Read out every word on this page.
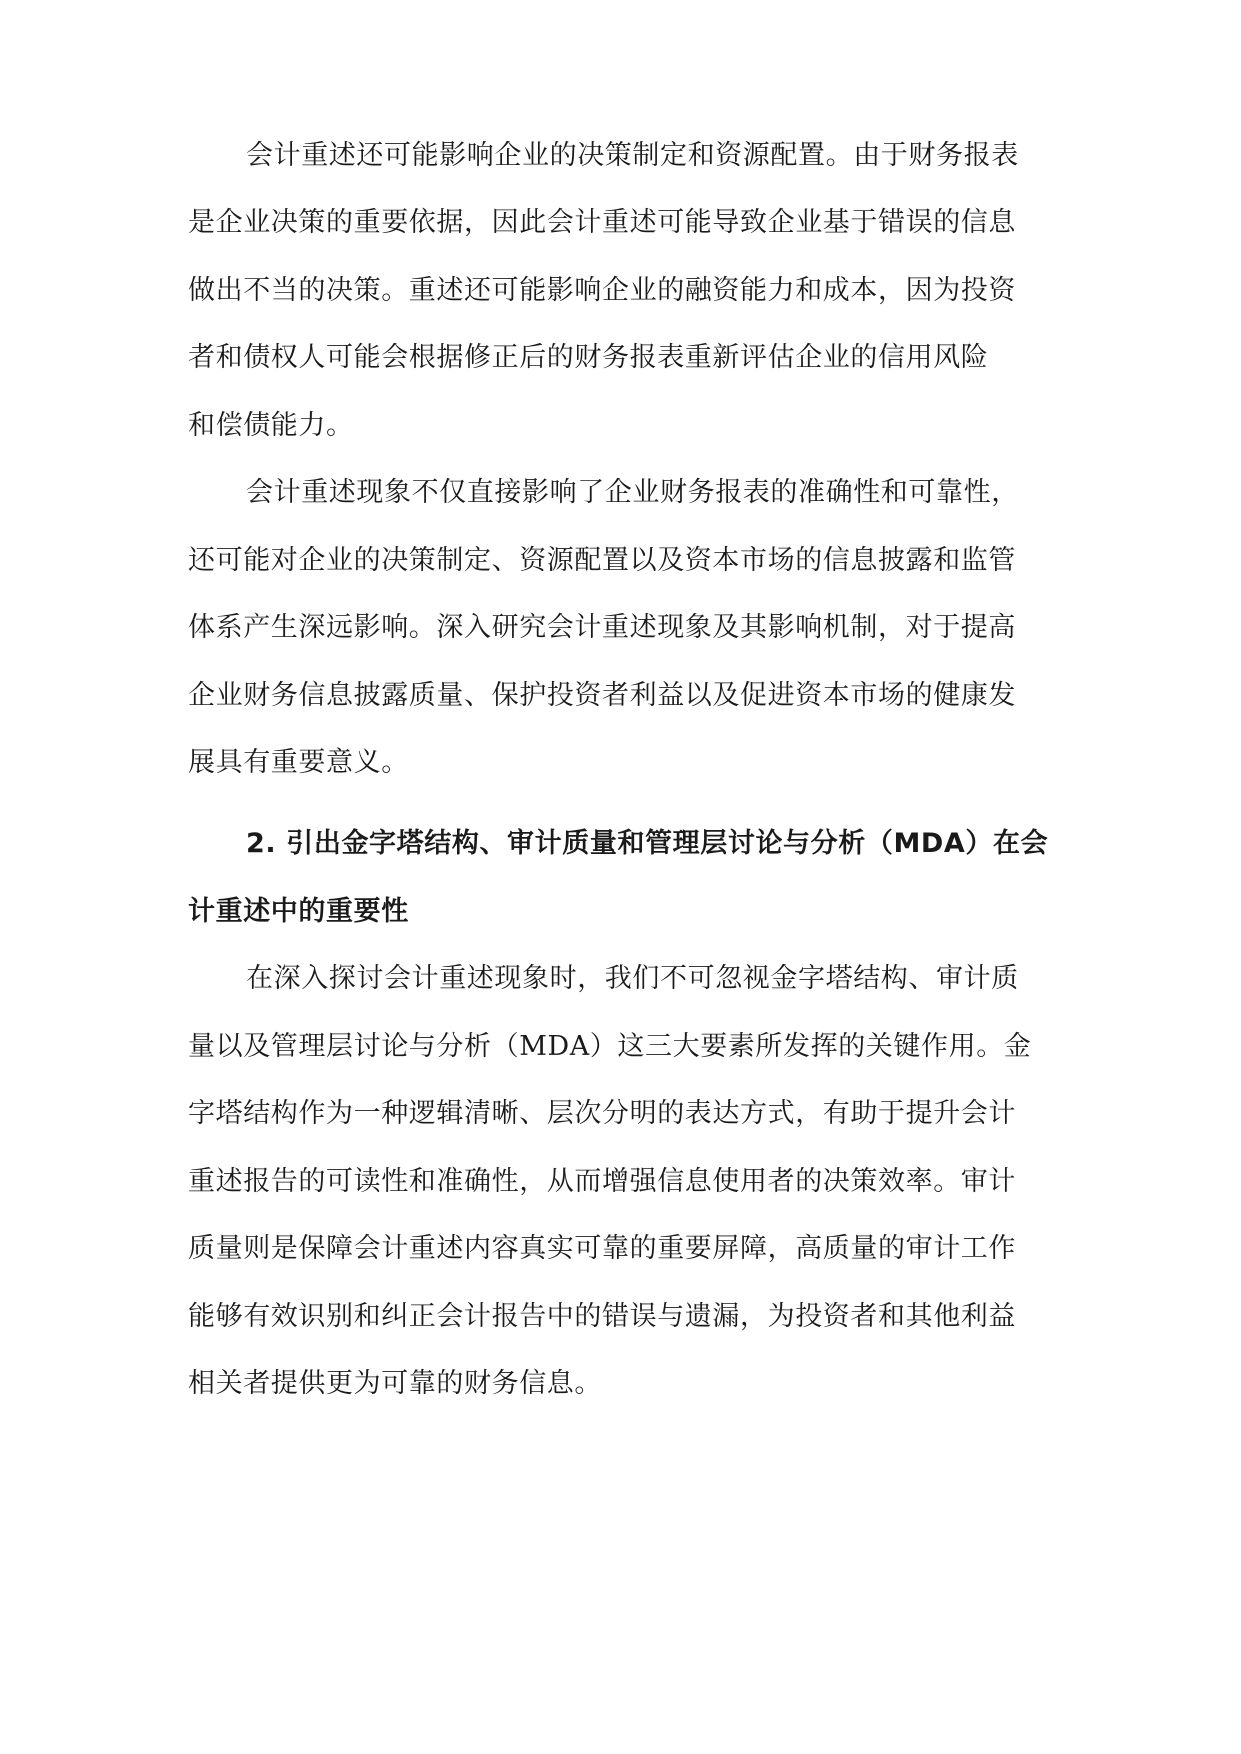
会计重述还可能影响企业的决策制定和资源配置。由于财务报表
是企业决策的重要依据，因此会计重述可能导致企业基于错误的信息
做出不当的决策。重述还可能影响企业的融资能力和成本，因为投资
者和债权人可能会根据修正后的财务报表重新评估企业的信用风险
和偿债能力。
会计重述现象不仅直接影响了企业财务报表的准确性和可靠性，
还可能对企业的决策制定、资源配置以及资本市场的信息披露和监管
体系产生深远影响。深入研究会计重述现象及其影响机制，对于提高
企业财务信息披露质量、保护投资者利益以及促进资本市场的健康发
展具有重要意义。
2. 引出金字塔结构、审计质量和管理层讨论与分析（MDA）在会
计重述中的重要性
在深入探讨会计重述现象时，我们不可忽视金字塔结构、审计质
量以及管理层讨论与分析（MDA）这三大要素所发挥的关键作用。金
字塔结构作为一种逻辑清晰、层次分明的表达方式，有助于提升会计
重述报告的可读性和准确性，从而增强信息使用者的决策效率。审计
质量则是保障会计重述内容真实可靠的重要屏障，高质量的审计工作
能够有效识别和纠正会计报告中的错误与遗漏，为投资者和其他利益
相关者提供更为可靠的财务信息。
